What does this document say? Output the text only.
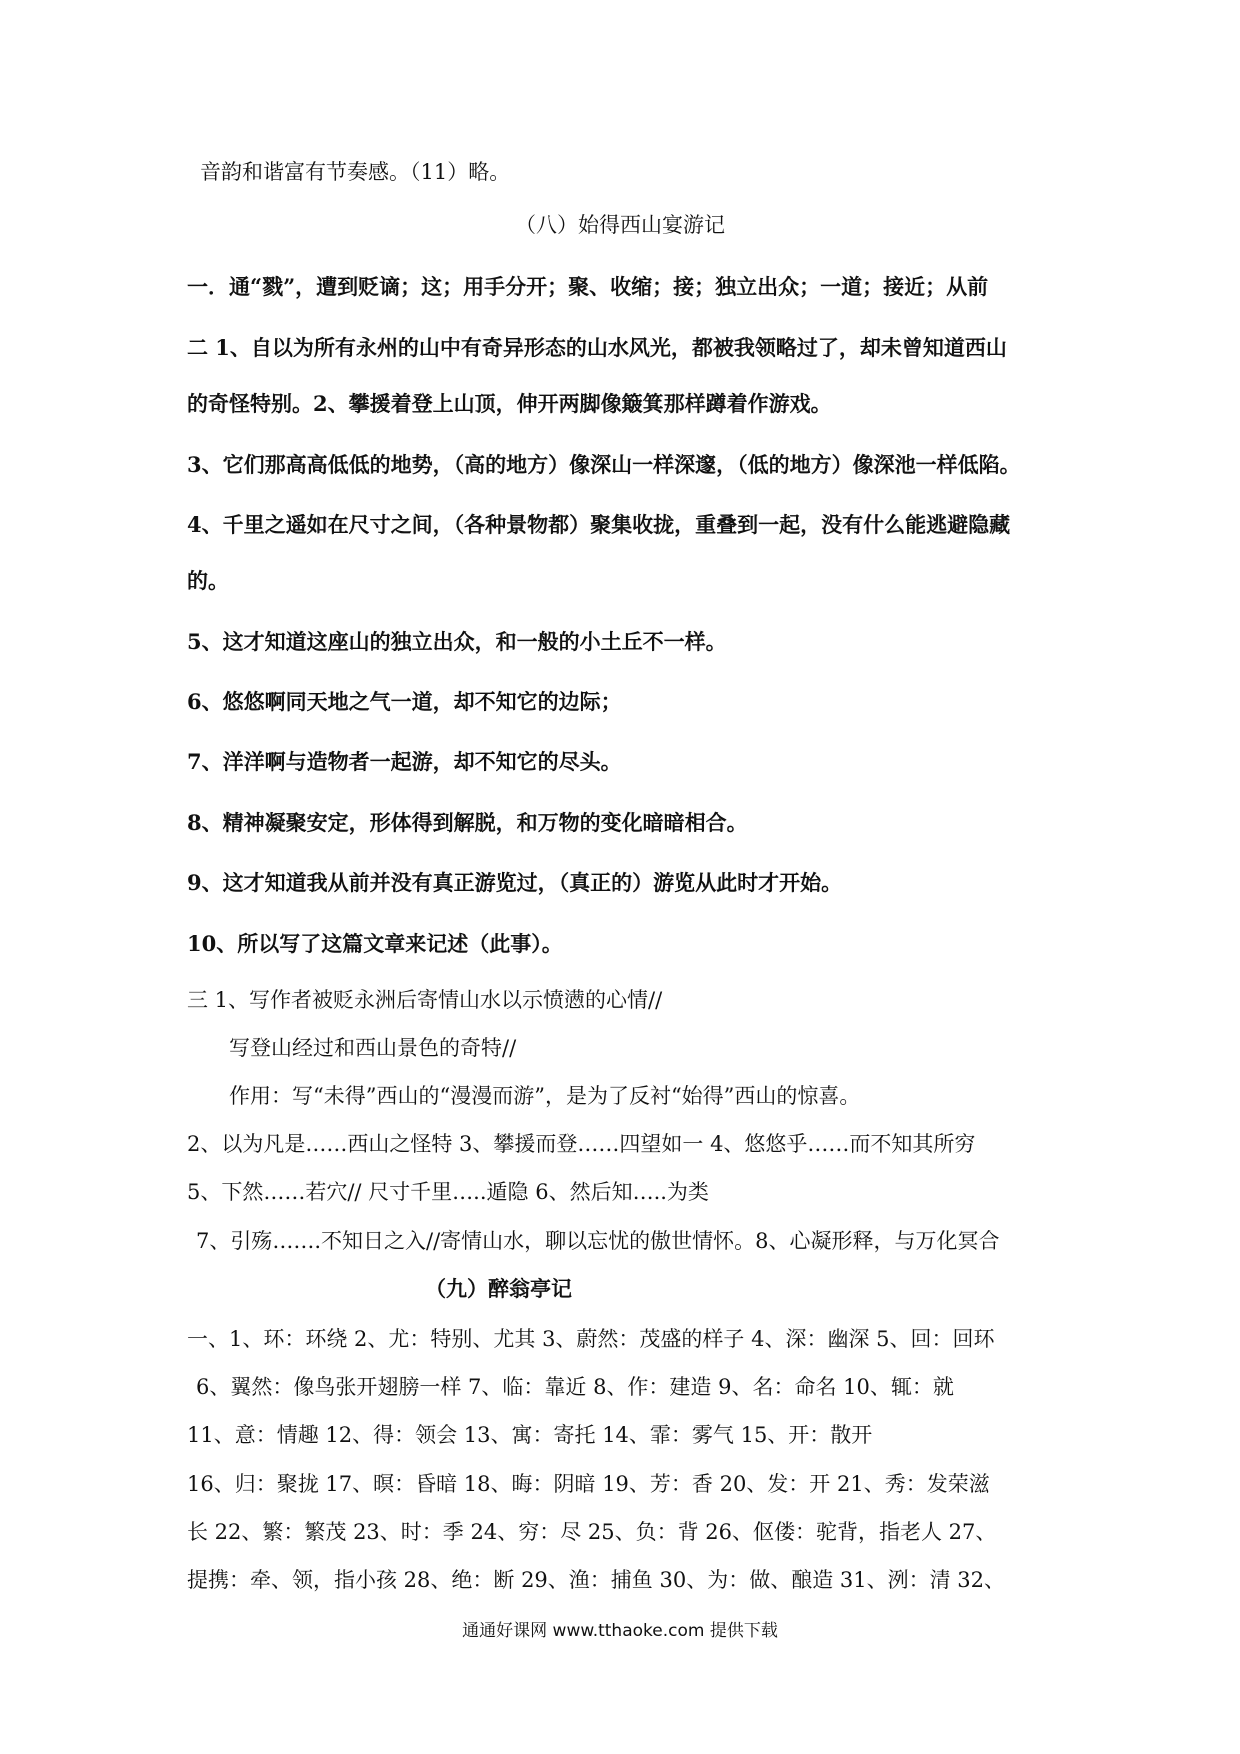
音韵和谐富有节奏感。（11）略。
（八）始得西山宴游记
一．通“戮”，遭到贬谪；这；用手分开；聚、收缩；接；独立出众；一道；接近；从前
二 1、自以为所有永州的山中有奇异形态的山水风光，都被我领略过了，却未曾知道西山
的奇怪特别。2、攀援着登上山顶，伸开两脚像簸箕那样蹲着作游戏。
3、它们那高高低低的地势，（高的地方）像深山一样深邃，（低的地方）像深池一样低陷。
4、千里之遥如在尺寸之间，（各种景物都）聚集收拢，重叠到一起，没有什么能逃避隐藏
的。
5、这才知道这座山的独立出众，和一般的小土丘不一样。
6、悠悠啊同天地之气一道，却不知它的边际；
7、洋洋啊与造物者一起游，却不知它的尽头。
8、精神凝聚安定，形体得到解脱，和万物的变化暗暗相合。
9、这才知道我从前并没有真正游览过，（真正的）游览从此时才开始。
10、所以写了这篇文章来记述（此事）。
三 1、写作者被贬永洲后寄情山水以示愤懑的心情//
写登山经过和西山景色的奇特//
作用：写“未得”西山的“漫漫而游”，是为了反衬“始得”西山的惊喜。
2、以为凡是……西山之怪特 3、攀援而登……四望如一 4、悠悠乎……而不知其所穷
5、下然……若穴// 尺寸千里…..遁隐 6、然后知…..为类
7、引殇…….不知日之入//寄情山水，聊以忘忧的傲世情怀。8、心凝形释，与万化冥合
（九）醉翁亭记
一、1、环：环绕 2、尤：特别、尤其 3、蔚然：茂盛的样子 4、深：幽深 5、回：回环
6、翼然：像鸟张开翅膀一样 7、临：靠近 8、作：建造 9、名：命名 10、辄：就
11、意：情趣 12、得：领会 13、寓：寄托 14、霏：雾气 15、开：散开
16、归：聚拢 17、暝：昏暗 18、晦：阴暗 19、芳：香 20、发：开 21、秀：发荣滋
长 22、繁：繁茂 23、时：季 24、穷：尽 25、负：背 26、伛偻：驼背，指老人 27、
提携：牵、领，指小孩 28、绝：断 29、渔：捕鱼 30、为：做、酿造 31、洌：清 32、
通通好课网 www.tthaoke.com 提供下载
